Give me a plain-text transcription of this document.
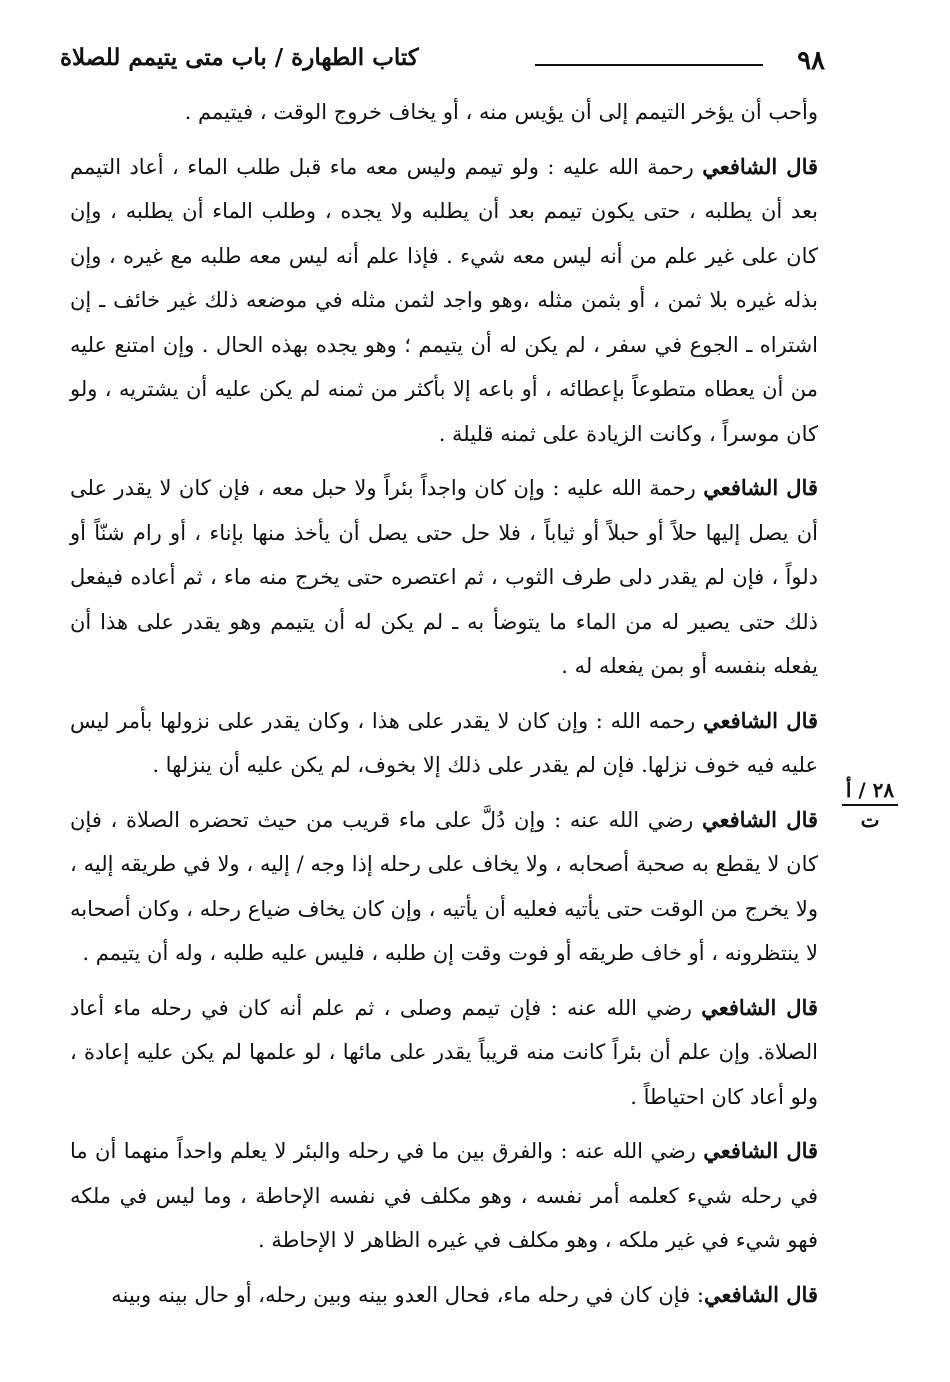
٩٨
كتاب الطهارة / باب متى يتيمم للصلاة
٢٨ / أ
ت

وأحب أن يؤخر التيمم إلى أن يؤيس منه ، أو يخاف خروج الوقت ، فيتيمم .

قال الشافعي رحمة الله عليه : ولو تيمم وليس معه ماء قبل طلب الماء ، أعاد التيمم بعد أن يطلبه ، حتى يكون تيمم بعد أن يطلبه ولا يجده ، وطلب الماء أن يطلبه ، وإن كان على غير علم من أنه ليس معه شيء . فإذا علم أنه ليس معه طلبه مع غيره ، وإن بذله غيره بلا ثمن ، أو بثمن مثله ،وهو واجد لثمن مثله في موضعه ذلك غير خائف ـ إن اشتراه ـ الجوع في سفر ، لم يكن له أن يتيمم ؛ وهو يجده بهذه الحال . وإن امتنع عليه من أن يعطاه متطوعاً بإعطائه ، أو باعه إلا بأكثر من ثمنه لم يكن عليه أن يشتريه ، ولو كان موسراً ، وكانت الزيادة على ثمنه قليلة .

قال الشافعي رحمة الله عليه : وإن كان واجداً بئراً ولا حبل معه ، فإن كان لا يقدر على أن يصل إليها حلاً أو حبلاً أو ثياباً ، فلا حل حتى يصل أن يأخذ منها بإناء ، أو رام شنّاً أو دلواً ، فإن لم يقدر دلى طرف الثوب ، ثم اعتصره حتى يخرج منه ماء ، ثم أعاده فيفعل ذلك حتى يصير له من الماء ما يتوضأ به ـ لم يكن له أن يتيمم وهو يقدر على هذا أن يفعله بنفسه أو بمن يفعله له .

قال الشافعي رحمه الله : وإن كان لا يقدر على هذا ، وكان يقدر على نزولها بأمر ليس عليه فيه خوف نزلها. فإن لم يقدر على ذلك إلا بخوف، لم يكن عليه أن ينزلها .

قال الشافعي رضي الله عنه : وإن دُلَّ على ماء قريب من حيث تحضره الصلاة ، فإن كان لا يقطع به صحبة أصحابه ، ولا يخاف على رحله إذا وجه / إليه ، ولا في طريقه إليه ، ولا يخرج من الوقت حتى يأتيه فعليه أن يأتيه ، وإن كان يخاف ضياع رحله ، وكان أصحابه لا ينتظرونه ، أو خاف طريقه أو فوت وقت إن طلبه ، فليس عليه طلبه ، وله أن يتيمم .

قال الشافعي رضي الله عنه : فإن تيمم وصلى ، ثم علم أنه كان في رحله ماء أعاد الصلاة. وإن علم أن بئراً كانت منه قريباً يقدر على مائها ، لو علمها لم يكن عليه إعادة ، ولو أعاد كان احتياطاً .

قال الشافعي رضي الله عنه : والفرق بين ما في رحله والبئر لا يعلم واحداً منهما أن ما في رحله شيء كعلمه أمر نفسه ، وهو مكلف في نفسه الإحاطة ، وما ليس في ملكه فهو شيء في غير ملكه ، وهو مكلف في غيره الظاهر لا الإحاطة .

قال الشافعي: فإن كان في رحله ماء، فحال العدو بينه وبين رحله، أو حال بينه وبينه
